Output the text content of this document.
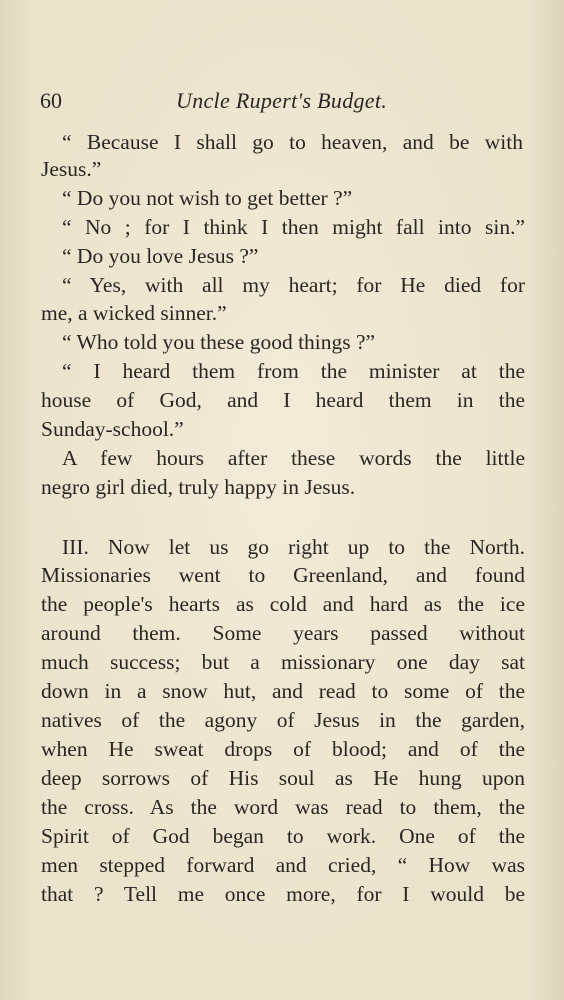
60	Uncle Rupert's Budget.
“ Because I shall go to heaven, and be with
Jesus.”
“ Do you not wish to get better ?”
“ No ; for I think I then might fall into sin.”
“ Do you love Jesus ?”
“ Yes, with all my heart; for He died for
me, a wicked sinner.”
“ Who told you these good things ?”
“ I heard them from the minister at the
house of God, and I heard them in the
Sunday-school.”
A few hours after these words the little
negro girl died, truly happy in Jesus.
III. Now let us go right up to the North.
Missionaries went to Greenland, and found
the people's hearts as cold and hard as the ice
around them. Some years passed without
much success; but a missionary one day sat
down in a snow hut, and read to some of the
natives of the agony of Jesus in the garden,
when He sweat drops of blood; and of the
deep sorrows of His soul as He hung upon
the cross. As the word was read to them, the
Spirit of God began to work. One of the
men stepped forward and cried, “ How was
that ? Tell me once more, for I would be
